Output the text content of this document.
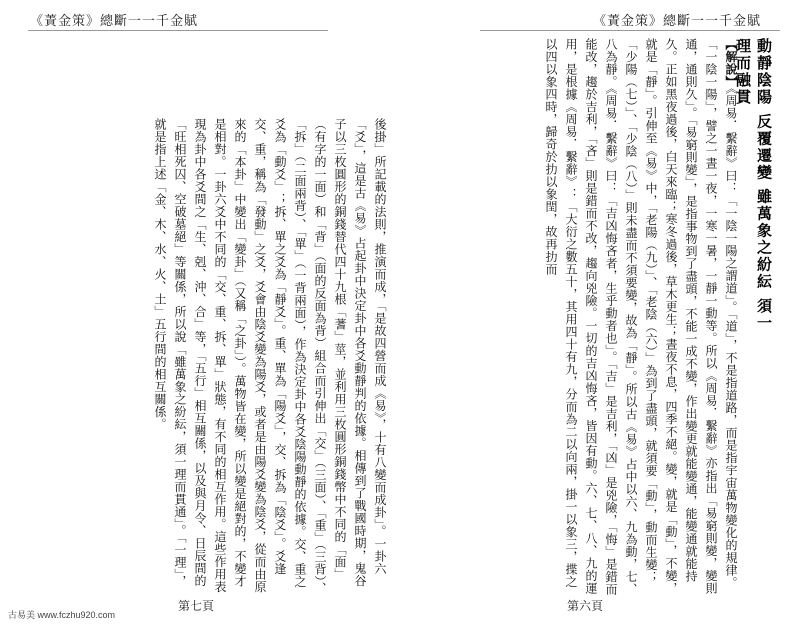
《蔶金策》總斷一一千金賦	《蔶金策》總斷一一千金賦
動靜陰陽 反覆遷變 雖萬象之紛紜 須一理而融貫
【解說】《周易．繫辭》曰：「一陰一陽之謂道」。「道」，不是指道路，而是指宇宙萬物變化的規律。「一陰一陽」，譬之一晝一夜，一寒一暑，一靜一動等。所以《周易．繫辭》亦指出「易窮則變，變則通，通則久」。「易窮則變」，是指事物到了盡頭，不能一成不變，作出變更就能變通，能變通就能持久。正如黑夜過後，白天來臨；寒冬過後，草木更生；晝夜不息，四季不絕。變，就是「動」，不變，就是「靜」。引伸至《易》中，「老陽（九）」、「老陰（六）」為到了盡頭，就須要「動」，動而生變；「少陽（七）」、「少陰（八）」則未盡而不須要變，故為「靜」。所以古《易》占中以六、九為動，七、八為靜。《周易．繫辭》曰：「吉凶悔吝者，生乎動者也」。「吉」是吉利，「凶」是兇險，「悔」是錯而能改，趨於吉利，「吝」則是錯而不改，趨向兇險。一切的吉凶悔吝，皆因有動。六、七、八、九的運用，是根據《周易．繫辭》：「大衍之數五十，其用四十有九，分而為二以向兩，掛一以象三，揲之以四以象四時，歸奇於扐以象閏，故再扐而
後掛」所記載的法則，推演而成，「是故四營而成《易》，十有八變而成卦」。一卦六「爻」，這是古《易》占起卦中決定卦中各爻動靜判的依據。相傳到了戰國時期，鬼谷子以三枚圓形的銅錢替代四十九根「蓍」莖，並利用三枚圓形銅錢幣中不同的「面」（有字的一面）和「背」（面的反面為背）組合而引伸出「交」（三面）、「重」（三背）、「拆」（二面兩背）、「單」（一背兩面），作為決定卦中各爻陰陽動靜的依據。交、重之爻為「動爻」；拆、單之爻為「靜爻」。重、單為「陽爻」，交、拆為「陰爻」。爻逢交、重，稱為「發動」之爻，爻會由陰爻變為陽爻，或者是由陽爻變為陰爻，從而由原來的「本卦」中變出「變卦」（又稱「之卦」）。萬物皆在變，所以變是絕對的，不變才是相對。一卦六爻中不同的「交、重、拆、單」狀態，有不同的相互作用。這些作用表現為卦中各爻間之「生、剋、沖、合」等，「五行」相互關係，以及與月令、日辰間的「旺相死囚、空破墓絕」等關係，所以說「雖萬象之紛紜，須一理而貫通」。「一理」，就是指上述「金、木、水、火、土」五行間的相互關係。
第七頁	第六頁
古易美 www.fczhu920.com
